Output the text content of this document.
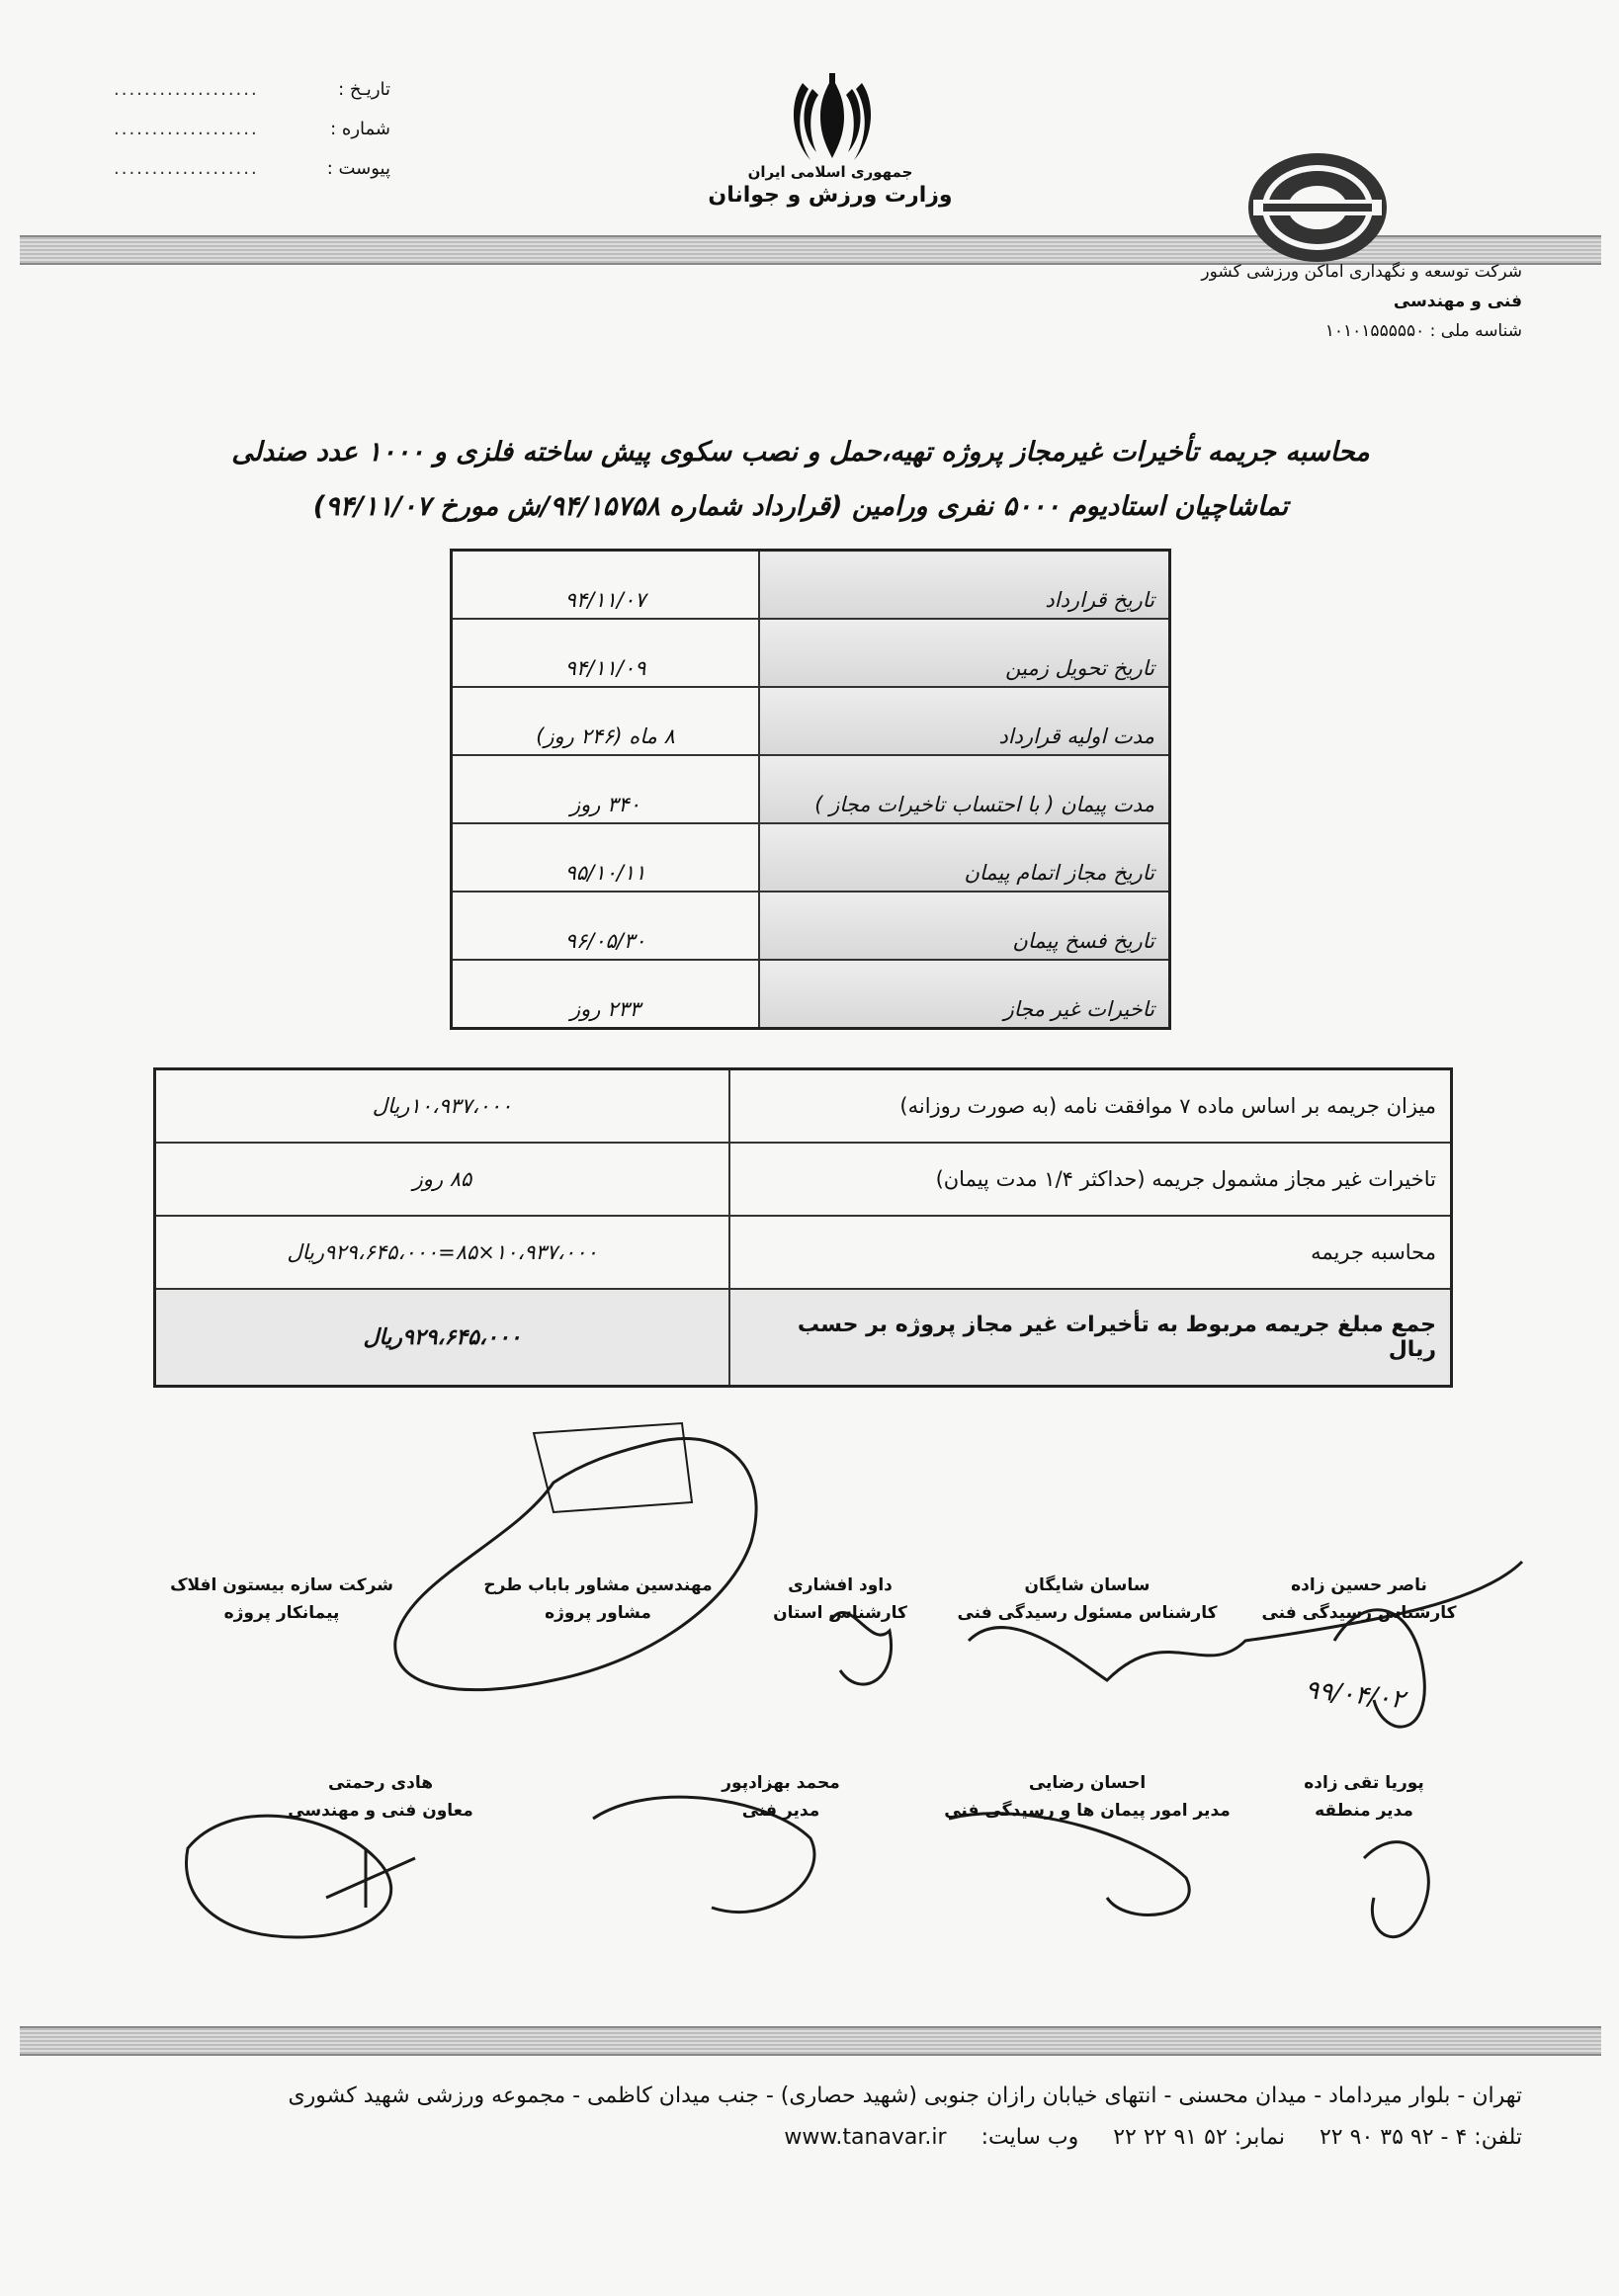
تاریـخ :
...................
شماره :
...................
پیوست :
...................	جمهوری اسلامی ایران
وزارت ورزش و جوانان
شرکت توسعه و نگهداری اماکن ورزشی کشور
فنی و مهندسی
شناسه ملی : ۱۰۱۰۱۵۵۵۵۵۰
محاسبه جریمه تأخیرات غیرمجاز پروژه تهیه،حمل و نصب سکوی پیش ساخته فلزی و ۱۰۰۰ عدد صندلی
تماشاچیان استادیوم ۵۰۰۰ نفری ورامین (قرارداد شماره ۹۴/۱۵۷۵۸/ش مورخ ۹۴/۱۱/۰۷)
تاریخ قرارداد	۹۴/۱۱/۰۷
تاریخ تحویل زمین	۹۴/۱۱/۰۹
مدت اولیه قرارداد	۸ ماه (۲۴۶ روز)
مدت پیمان ( با احتساب تاخیرات مجاز )	۳۴۰ روز
تاریخ مجاز اتمام پیمان	۹۵/۱۰/۱۱
تاریخ فسخ پیمان	۹۶/۰۵/۳۰
تاخیرات غیر مجاز	۲۳۳ روز
میزان جریمه بر اساس ماده ۷ موافقت نامه (به صورت روزانه)	۱۰،۹۳۷،۰۰۰ریال
تاخیرات غیر مجاز مشمول جریمه (حداکثر ۱/۴ مدت پیمان)	۸۵ روز
محاسبه جریمه	۱۰،۹۳۷،۰۰۰×۸۵=۹۲۹،۶۴۵،۰۰۰ریال
جمع مبلغ جریمه مربوط به تأخیرات غیر مجاز پروژه بر حسب ریال	۹۲۹،۶۴۵،۰۰۰ریال
۹۹/۰۴/۰۲
ناصر حسین زاده
کارشناس رسیدگی فنی
ساسان شایگان
کارشناس مسئول رسیدگی فنی
داود افشاری
کارشناس استان
مهندسین مشاور باباب طرح
مشاور پروژه
شرکت سازه بیستون افلاک
پیمانکار پروژه
پوریا تقی زاده
مدیر منطقه
احسان رضایی
مدیر امور پیمان ها و رسیدگی فنی
محمد بهزادپور
مدیر فنی
هادی رحمتی
معاون فنی و مهندسی
تهران - بلوار میرداماد - میدان محسنی - انتهای خیابان رازان جنوبی (شهید حصاری) - جنب میدان کاظمی - مجموعه ورزشی شهید کشوری
تلفن: ۴ - ۹۲ ۳۵ ۹۰ ۲۲ نمابر: ۵۲ ۹۱ ۲۲ ۲۲ وب سایت: www.tanavar.ir
